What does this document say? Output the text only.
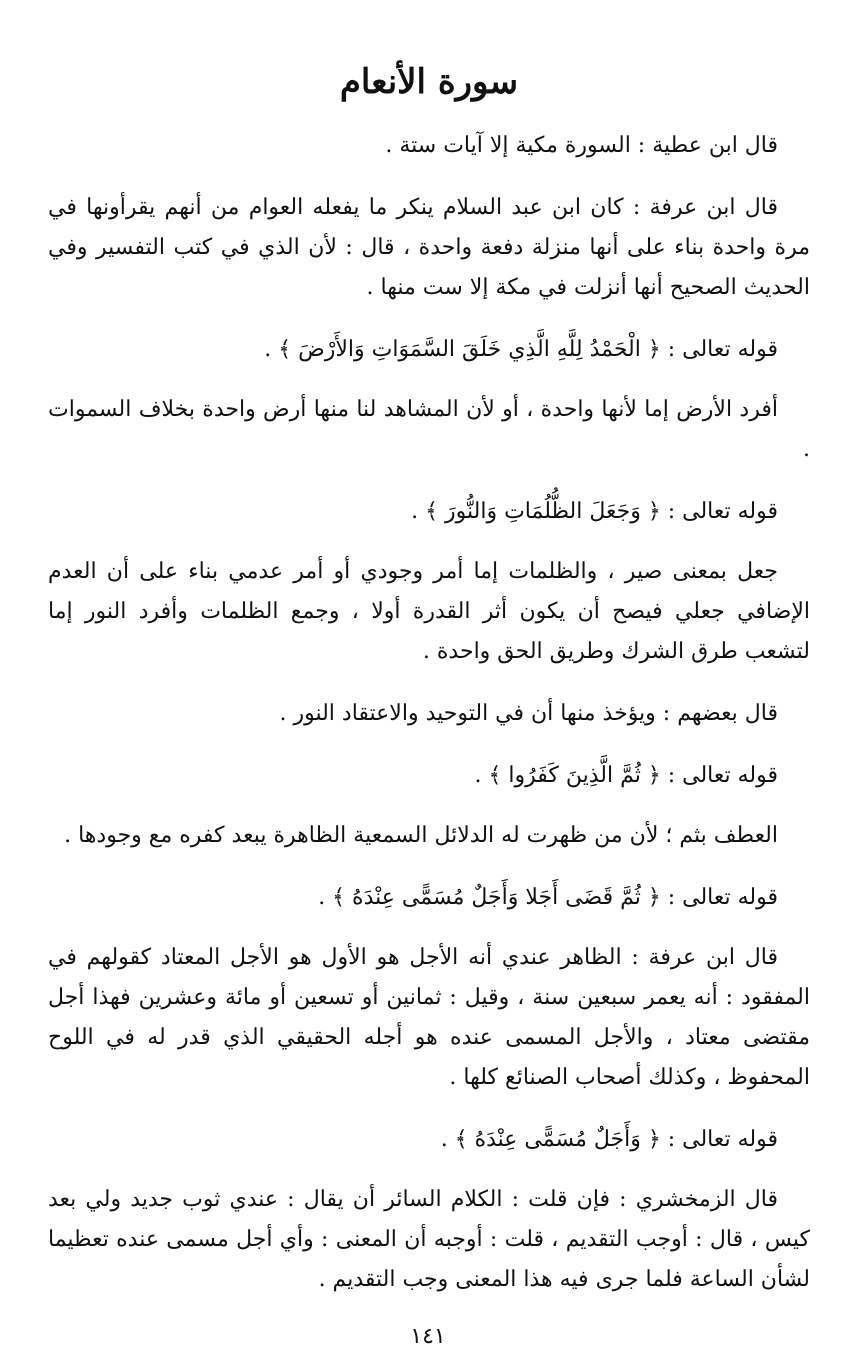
سورة الأنعام

قال ابن عطية : السورة مكية إلا آيات ستة .

قال ابن عرفة : كان ابن عبد السلام ينكر ما يفعله العوام من أنهم يقرأونها في مرة واحدة بناء على أنها منزلة دفعة واحدة ، قال : لأن الذي في كتب التفسير وفي الحديث الصحيح أنها أنزلت في مكة إلا ست منها .

قوله تعالى : ﴿ الْحَمْدُ لِلَّهِ الَّذِي خَلَقَ السَّمَوَاتِ وَالأَرْضَ ﴾ .

أفرد الأرض إما لأنها واحدة ، أو لأن المشاهد لنا منها أرض واحدة بخلاف السموات .

قوله تعالى : ﴿ وَجَعَلَ الظُّلُمَاتِ وَالنُّورَ ﴾ .

جعل بمعنى صير ، والظلمات إما أمر وجودي أو أمر عدمي بناء على أن العدم الإضافي جعلي فيصح أن يكون أثر القدرة أولا ، وجمع الظلمات وأفرد النور إما لتشعب طرق الشرك وطريق الحق واحدة .

قال بعضهم : ويؤخذ منها أن في التوحيد والاعتقاد النور .

قوله تعالى : ﴿ ثُمَّ الَّذِينَ كَفَرُوا ﴾ .

العطف بثم ؛ لأن من ظهرت له الدلائل السمعية الظاهرة يبعد كفره مع وجودها .

قوله تعالى : ﴿ ثُمَّ قَضَى أَجَلا وَأَجَلٌ مُسَمًّى عِنْدَهُ ﴾ .

قال ابن عرفة : الظاهر عندي أنه الأجل هو الأول هو الأجل المعتاد كقولهم في المفقود : أنه يعمر سبعين سنة ، وقيل : ثمانين أو تسعين أو مائة وعشرين فهذا أجل مقتضى معتاد ، والأجل المسمى عنده هو أجله الحقيقي الذي قدر له في اللوح المحفوظ ، وكذلك أصحاب الصنائع كلها .

قوله تعالى : ﴿ وَأَجَلٌ مُسَمًّى عِنْدَهُ ﴾ .

قال الزمخشري : فإن قلت : الكلام السائر أن يقال : عندي ثوب جديد ولي بعد كيس ، قال : أوجب التقديم ، قلت : أوجبه أن المعنى : وأي أجل مسمى عنده تعظيما لشأن الساعة فلما جرى فيه هذا المعنى وجب التقديم .

١٤١
